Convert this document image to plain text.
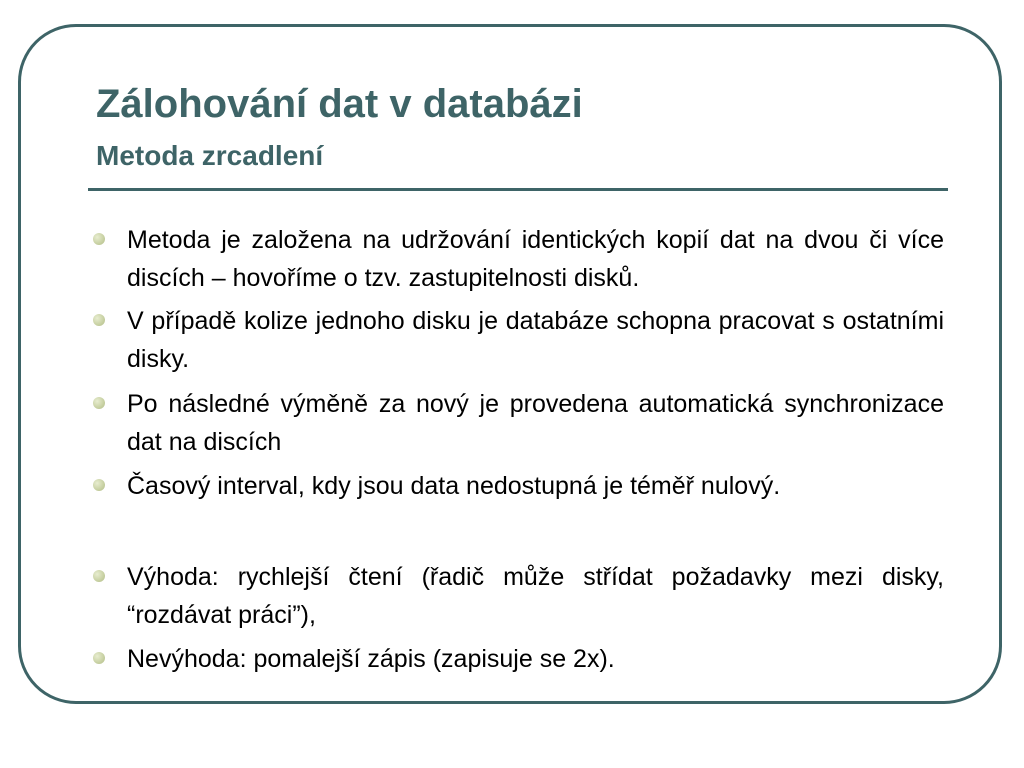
Zálohování dat v databázi
Metoda zrcadlení
Metoda je založena na udržování identických kopií dat na dvou či více discích – hovoříme o tzv. zastupitelnosti disků.
V případě kolize jednoho disku je databáze schopna pracovat s ostatními disky.
Po následné výměně za nový je provedena automatická synchronizace dat na discích
Časový interval, kdy jsou data nedostupná je téměř nulový.
Výhoda: rychlejší čtení (řadič může střídat požadavky mezi disky, “rozdávat práci”),
Nevýhoda: pomalejší zápis (zapisuje se 2x).
